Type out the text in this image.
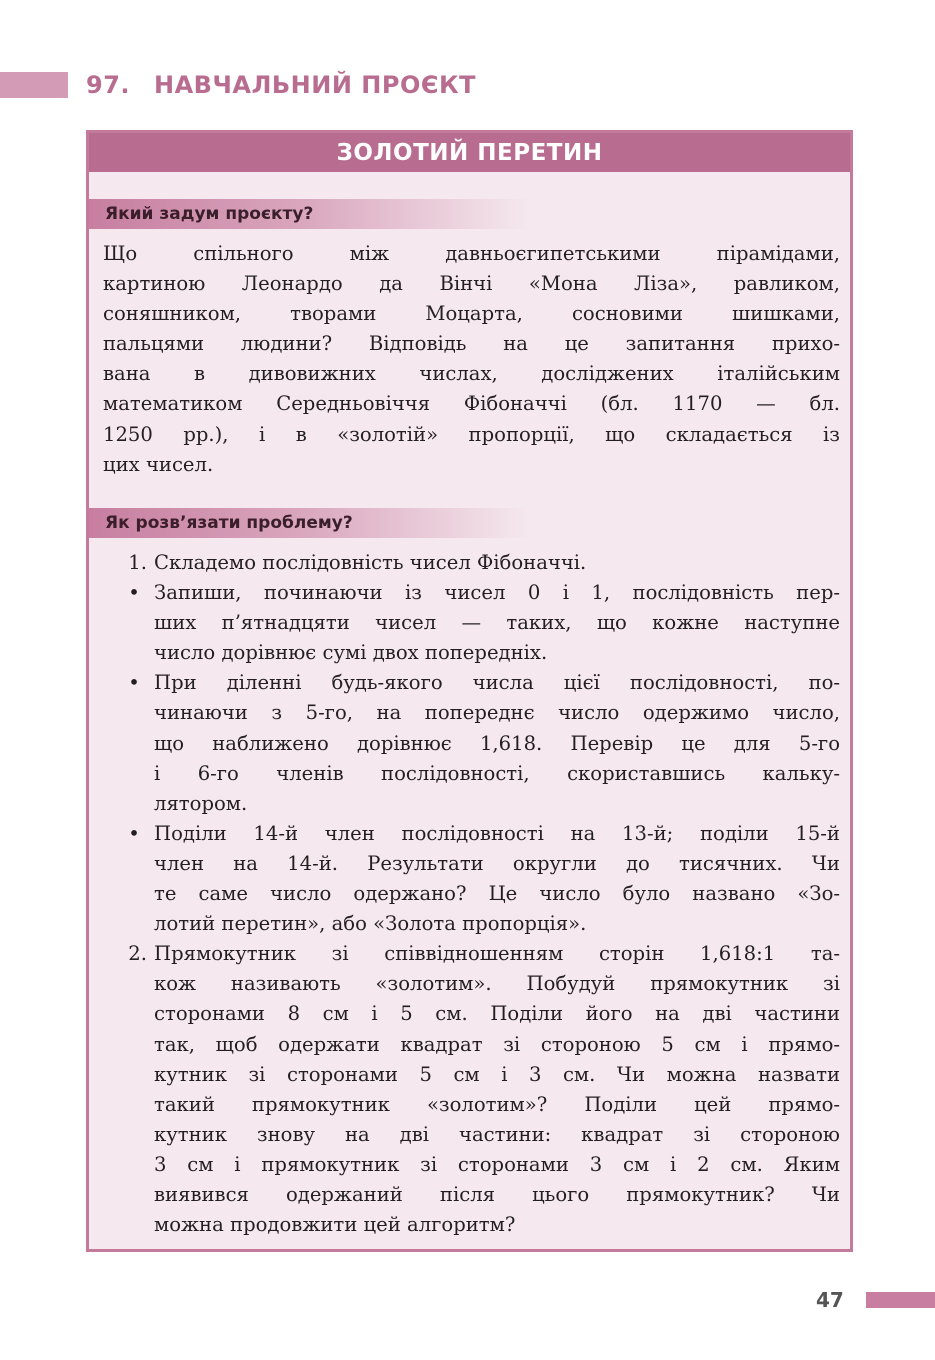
97. НАВЧАЛЬНИЙ ПРОЄКТ
ЗОЛОТИЙ ПЕРЕТИН
Який задум проєкту?
Що спільного між давньоєгипетськими пірамідами,
картиною Леонардо да Вінчі «Мона Ліза», равликом,
соняшником, творами Моцарта, сосновими шишками,
пальцями людини? Відповідь на це запитання прихо-
вана в дивовижних числах, досліджених італійським
математиком Середньовіччя Фібоначчі (бл. 1170 — бл.
1250 рр.), і в «золотій» пропорції, що складається із
цих чисел.
Як розв’язати проблему?
1. Складемо послідовність чисел Фібоначчі.
• Запиши, починаючи із чисел 0 і 1, послідовність пер-
ших п’ятнадцяти чисел — таких, що кожне наступне
число дорівнює сумі двох попередніх.
• При діленні будь-якого числа цієї послідовності, по-
чинаючи з 5-го, на попереднє число одержимо число,
що наближено дорівнює 1,618. Перевір це для 5-го
і 6-го членів послідовності, скориставшись кальку-
лятором.
• Поділи 14-й член послідовності на 13-й; поділи 15-й
член на 14-й. Результати округли до тисячних. Чи
те саме число одержано? Це число було названо «Зо-
лотий перетин», або «Золота пропорція».
2. Прямокутник зі співвідношенням сторін 1,618:1 та-
кож називають «золотим». Побудуй прямокутник зі
сторонами 8 см і 5 см. Поділи його на дві частини
так, щоб одержати квадрат зі стороною 5 см і прямо-
кутник зі сторонами 5 см і 3 см. Чи можна назвати
такий прямокутник «золотим»? Поділи цей прямо-
кутник знову на дві частини: квадрат зі стороною
3 см і прямокутник зі сторонами 3 см і 2 см. Яким
виявився одержаний після цього прямокутник? Чи
можна продовжити цей алгоритм?
47
